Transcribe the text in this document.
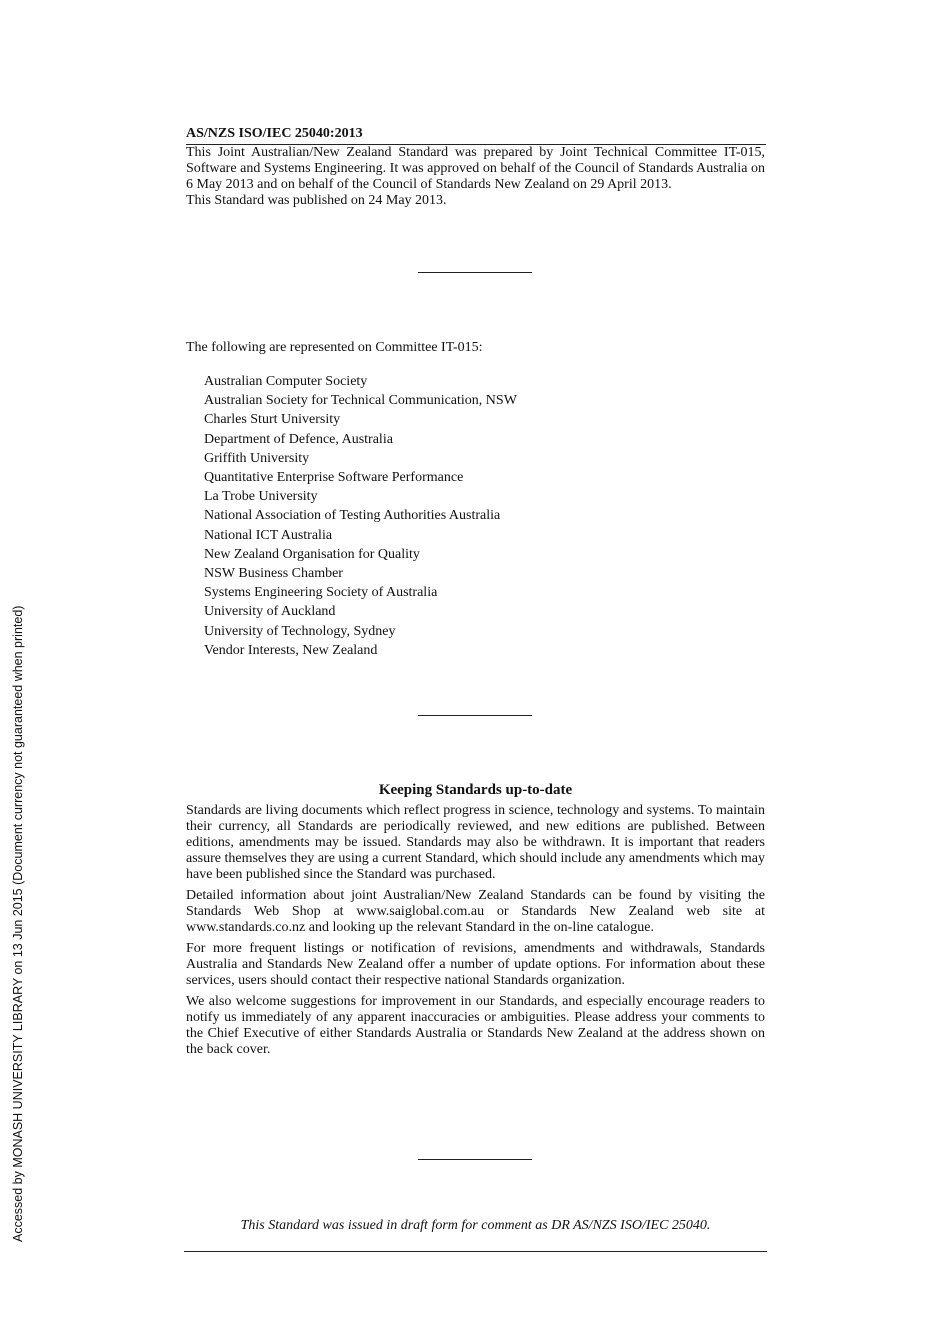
Accessed by MONASH UNIVERSITY LIBRARY on 13 Jun 2015 (Document currency not guaranteed when printed)
AS/NZS ISO/IEC 25040:2013

This Joint Australian/New Zealand Standard was prepared by Joint Technical Committee IT-015, Software and Systems Engineering. It was approved on behalf of the Council of Standards Australia on 6 May 2013 and on behalf of the Council of Standards New Zealand on 29 April 2013.

This Standard was published on 24 May 2013.

The following are represented on Committee IT-015:
Australian Computer Society
Australian Society for Technical Communication, NSW
Charles Sturt University
Department of Defence, Australia
Griffith University
Quantitative Enterprise Software Performance
La Trobe University
National Association of Testing Authorities Australia
National ICT Australia
New Zealand Organisation for Quality
NSW Business Chamber
Systems Engineering Society of Australia
University of Auckland
University of Technology, Sydney
Vendor Interests, New Zealand
Keeping Standards up-to-date

Standards are living documents which reflect progress in science, technology and systems. To maintain their currency, all Standards are periodically reviewed, and new editions are published. Between editions, amendments may be issued. Standards may also be withdrawn. It is important that readers assure themselves they are using a current Standard, which should include any amendments which may have been published since the Standard was purchased.

Detailed information about joint Australian/New Zealand Standards can be found by visiting the Standards Web Shop at www.saiglobal.com.au or Standards New Zealand web site at www.standards.co.nz and looking up the relevant Standard in the on-line catalogue.

For more frequent listings or notification of revisions, amendments and withdrawals, Standards Australia and Standards New Zealand offer a number of update options. For information about these services, users should contact their respective national Standards organization.

We also welcome suggestions for improvement in our Standards, and especially encourage readers to notify us immediately of any apparent inaccuracies or ambiguities. Please address your comments to the Chief Executive of either Standards Australia or Standards New Zealand at the address shown on the back cover.

This Standard was issued in draft form for comment as DR AS/NZS ISO/IEC 25040.
